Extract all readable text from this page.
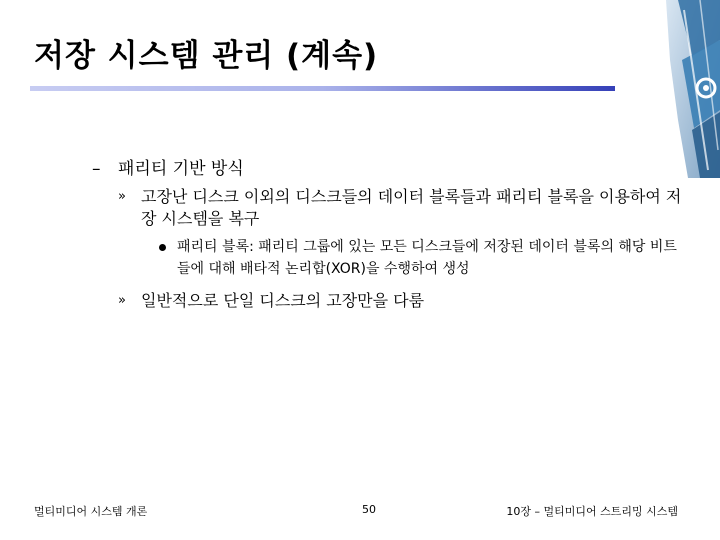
저장 시스템 관리 (계속)
– 패리티 기반 방식
» 고장난 디스크 이외의 디스크들의 데이터 블록들과 패리티 블록을 이용하여 저장 시스템을 복구
패리티 블록: 패리티 그룹에 있는 모든 디스크들에 저장된 데이터 블록의 해당 비트들에 대해 배타적 논리합(XOR)을 수행하여 생성
» 일반적으로 단일 디스크의 고장만을 다룸
멀티미디어 시스템 개론	50	10장 – 멀티미디어 스트리밍 시스템
